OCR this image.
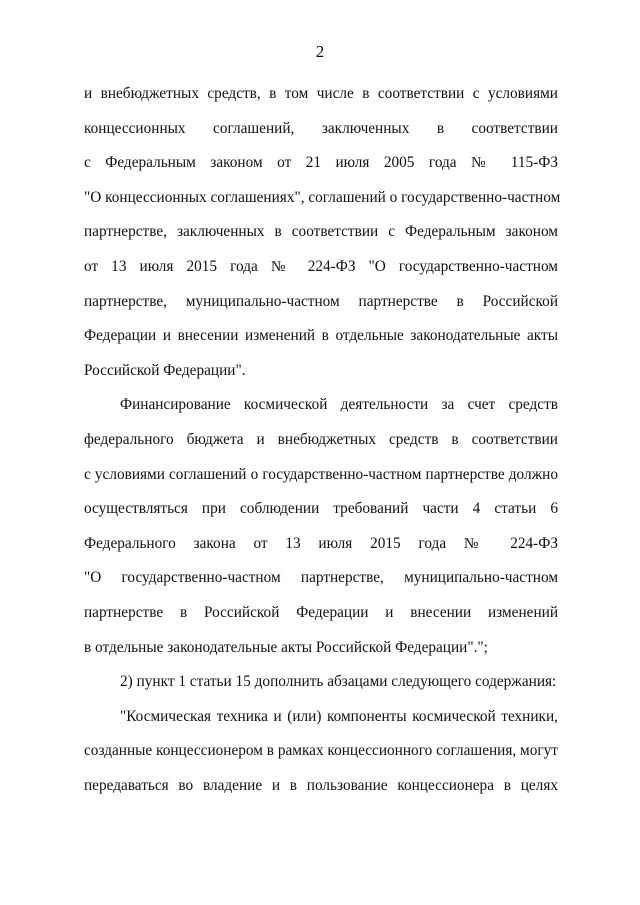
2
и внебюджетных средств, в том числе в соответствии с условиями
концессионных соглашений, заключенных в соответствии
с Федеральным законом от 21 июля 2005 года № 115-ФЗ
"О концессионных соглашениях", соглашений о государственно-частном
партнерстве, заключенных в соответствии с Федеральным законом
от 13 июля 2015 года № 224-ФЗ "О государственно-частном
партнерстве, муниципально-частном партнерстве в Российской
Федерации и внесении изменений в отдельные законодательные акты
Российской Федерации".
Финансирование космической деятельности за счет средств
федерального бюджета и внебюджетных средств в соответствии
с условиями соглашений о государственно-частном партнерстве должно
осуществляться при соблюдении требований части 4 статьи 6
Федерального закона от 13 июля 2015 года № 224-ФЗ
"О государственно-частном партнерстве, муниципально-частном
партнерстве в Российской Федерации и внесении изменений
в отдельные законодательные акты Российской Федерации".";
2) пункт 1 статьи 15 дополнить абзацами следующего содержания:
"Космическая техника и (или) компоненты космической техники,
созданные концессионером в рамках концессионного соглашения, могут
передаваться во владение и в пользование концессионера в целях
